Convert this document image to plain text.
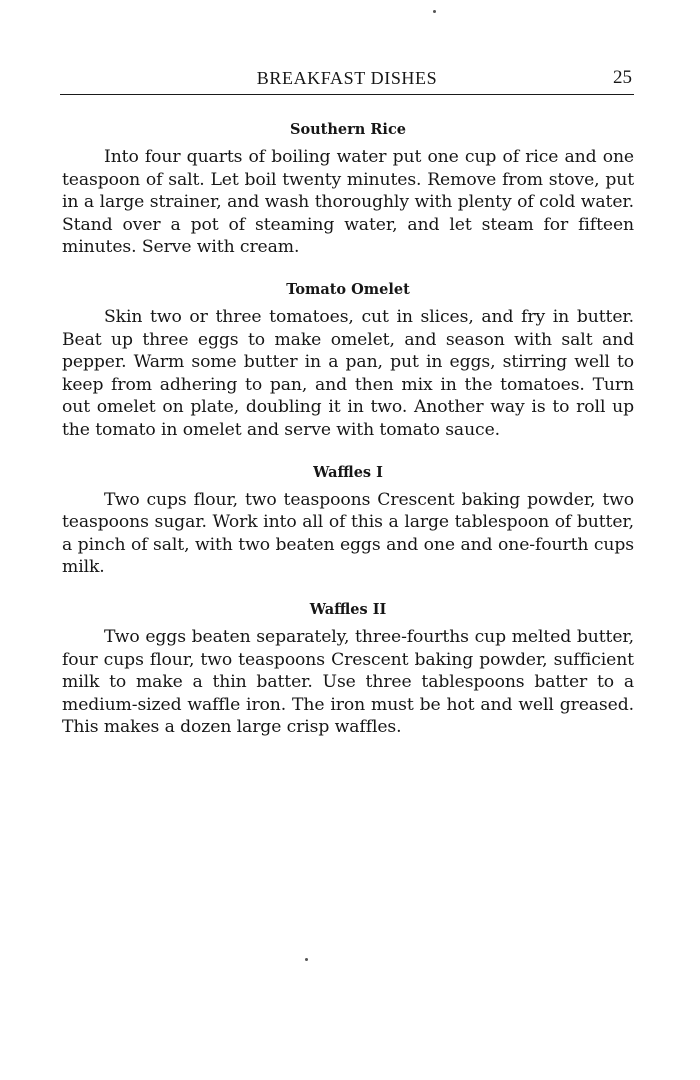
BREAKFAST DISHES	25
Southern Rice

Into four quarts of boiling water put one cup of rice and one teaspoon of salt. Let boil twenty minutes. Remove from stove, put in a large strainer, and wash thoroughly with plenty of cold water. Stand over a pot of steaming water, and let steam for fifteen minutes. Serve with cream.

Tomato Omelet

Skin two or three tomatoes, cut in slices, and fry in butter. Beat up three eggs to make omelet, and season with salt and pepper. Warm some butter in a pan, put in eggs, stirring well to keep from adhering to pan, and then mix in the tomatoes. Turn out omelet on plate, doubling it in two. Another way is to roll up the tomato in omelet and serve with tomato sauce.

Waffles I

Two cups flour, two teaspoons Crescent baking powder, two teaspoons sugar. Work into all of this a large tablespoon of butter, a pinch of salt, with two beaten eggs and one and one-fourth cups milk.

Waffles II

Two eggs beaten separately, three-fourths cup melted butter, four cups flour, two teaspoons Crescent baking powder, sufficient milk to make a thin batter. Use three tablespoons batter to a medium-sized waffle iron. The iron must be hot and well greased. This makes a dozen large crisp waffles.
